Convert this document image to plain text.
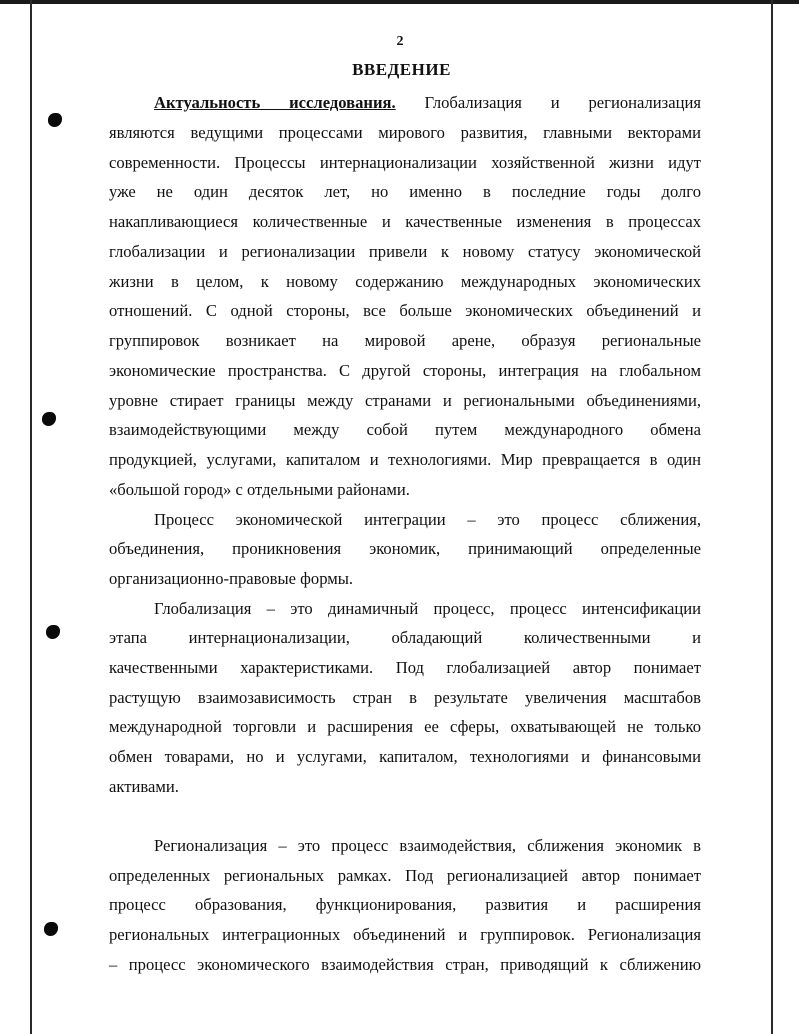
2
ВВЕДЕНИЕ
Актуальность исследования. Глобализация и регионализация
являются ведущими процессами мирового развития, главными векторами
современности. Процессы интернационализации хозяйственной жизни идут
уже не один десяток лет, но именно в последние годы долго
накапливающиеся количественные и качественные изменения в процессах
глобализации и регионализации привели к новому статусу экономической
жизни в целом, к новому содержанию международных экономических
отношений. С одной стороны, все больше экономических объединений и
группировок возникает на мировой арене, образуя региональные
экономические пространства. С другой стороны, интеграция на глобальном
уровне стирает границы между странами и региональными объединениями,
взаимодействующими между собой путем международного обмена
продукцией, услугами, капиталом и технологиями. Мир превращается в один
«большой город» с отдельными районами.
Процесс экономической интеграции – это процесс сближения,
объединения, проникновения экономик, принимающий определенные
организационно-правовые формы.
Глобализация – это динамичный процесс, процесс интенсификации
этапа интернационализации, обладающий количественными и
качественными характеристиками. Под глобализацией автор понимает
растущую взаимозависимость стран в результате увеличения масштабов
международной торговли и расширения ее сферы, охватывающей не только
обмен товарами, но и услугами, капиталом, технологиями и финансовыми
активами.
Регионализация – это процесс взаимодействия, сближения экономик в
определенных региональных рамках. Под регионализацией автор понимает
процесс образования, функционирования, развития и расширения
региональных интеграционных объединений и группировок. Регионализация
– процесс экономического взаимодействия стран, приводящий к сближению
